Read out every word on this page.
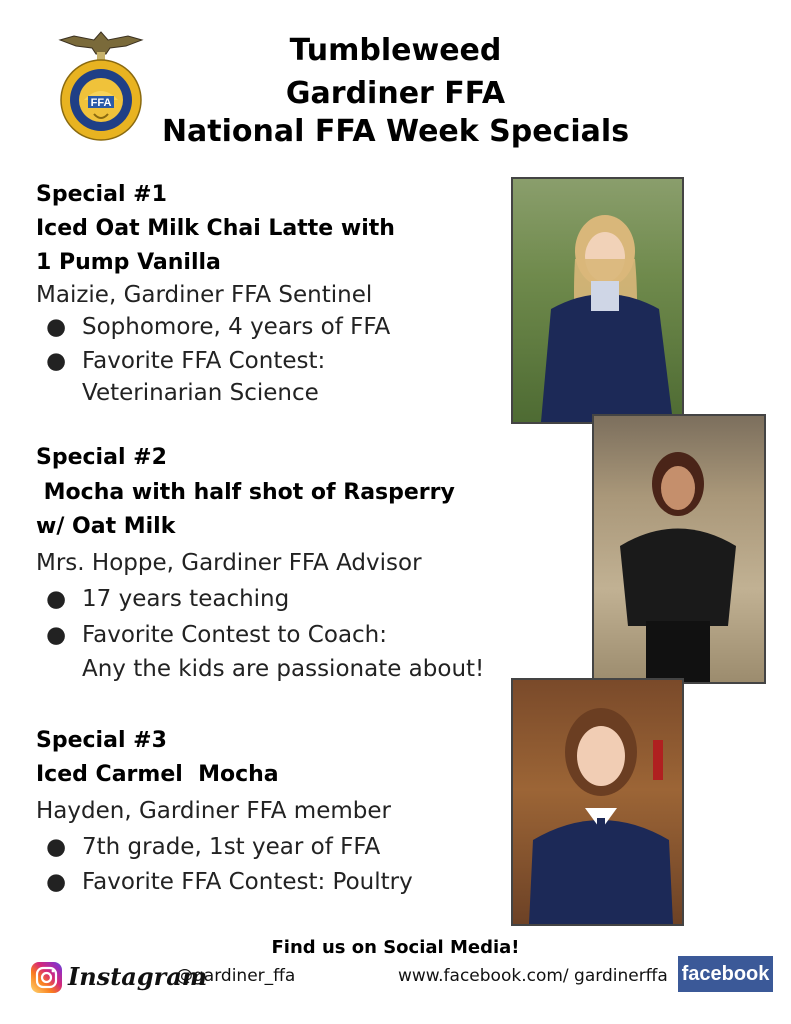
FFA
Tumbleweed
Gardiner FFA
National FFA Week Specials
Special #1
Iced Oat Milk Chai Latte with
1 Pump Vanilla
Maizie, Gardiner FFA Sentinel
● Sophomore, 4 years of FFA
● Favorite FFA Contest:
Veterinarian Science
Special #2
Mocha with half shot of Rasperry
w/ Oat Milk
Mrs. Hoppe, Gardiner FFA Advisor
● 17 years teaching
● Favorite Contest to Coach:
Any the kids are passionate about!
Special #3
Iced Carmel  Mocha
Hayden, Gardiner FFA member
● 7th grade, 1st year of FFA
● Favorite FFA Contest: Poultry
Find us on Social Media!
Instagram
@gardiner_ffa	www.facebook.com/ gardinerffa facebook
